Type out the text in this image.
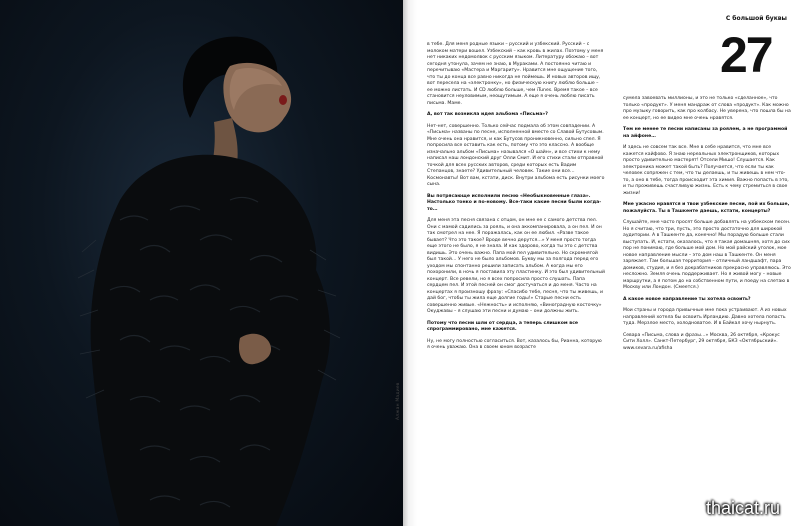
Алжан Мадиев
С большой буквы
27

в тебе. Для меня родные языки – русский и узбекский. Русский – с молоком матери вошел. Узбекский – как кровь в жилах. Поэтому у меня нет никаких недомолвок с русским языком. Литературу обожаю – вот сегодня утонула, зачем не знаю, в Мураками. А постоянно читаю и перечитываю «Мастера и Маргариту». Нравится мне ощущение того, что ты до конца все равно никогда не поймешь. И новых авторов ищу, вот пересела на «электронку», но физическую книгу люблю больше – ее можно листать. И CD люблю больше, чем iTunes. Время такое – все становится неуловимым, неощутимым. А еще я очень люблю писать письма. Маме.

А, вот так возникла идея альбома «Письма»?

Нет-нет, совершенно. Только сейчас подмала об этом совпадении. А «Письма» названы по песне, исполненной вместе со Славой Бутусовым. Мне очень она нравится, и как Бутусов проникновенно, сильно спел. Я попросила все оставить как есть, потому что это классно. А вообще изначально альбом «Письма» назывался «О шайн», и все стихи к нему написал наш лондонский друг Олли Смит. И его стихи стали отправной точкой для всех русских авторов, среди которых есть Вадим Степанцов, знаете? Удивительный человек. Такие они все… Космонавты! Вот вам, кстати, диск. Внутри альбома есть рисунки моего сына.

Вы потрясающе исполнили песню «Необыкновенные глаза». Настолько тонко и по-новому. Все-таки какие песни были когда-то…

Для меня эта песня связана с отцом, он мне ее с самого детства пел. Они с мамой садились за рояль, и она аккомпанировала, а он пел. И он так смотрел на нее. Я поражалась, как он ее любил. «Разве такое бывает? Что это такое? Вроде вечно дерутся…» У меня просто тогда еще этого не было, я не знала. И как здорово, когда ты это с детства видишь. Это очень важно. Папа мой пел удивительно. Но скромнягой был такой… У него не было альбомов. Букву мы за полгода перед его уходом мы спонтанно решили записать альбом. А когда мы его похоронили, в ночь я поставила эту пластинку. И это был удивительный концерт. Все ревели, но я всех попросила просто слушать. Папа сердцем пел. И этой песней он смог достучаться и до меня. Часто на концертах я произношу фразу: «Спасибо тебе, песня, что ты живешь, и дай бог, чтобы ты жила еще долгие годы!» Старые песни есть совершенно живые. «Нежность» и исполняю, «Виноградную косточку» Окуджавы – я слушаю эти песни и думаю – они должны жить.

Потому что песни шли от сердца, а теперь слишком все спрограммировано, мне кажется.

Ну, не могу полностью согласиться. Вот, казалось бы, Рианна, которую я очень уважаю. Она в своем юном возрасте

сумела завоевать миллионы, и это не только «сделанное», что только «продукт». У меня мандраж от слова «продукт». Как можно про музыку говорить, как про колбасу. Не уверена, что пошла бы на ее концерт, но ее видео мне очень нравятся.

Тем не менее те песни написаны за роялем, а не программой на айфоне…

И здесь не совсем так все. Мне в себе нравится, что мне все кажется кайфово. Я знаю нереальных электронщиков, которых просто удивительно мастерят! Отсели Мишо! Слушается. Как электроника может такой быть? Получается, что если ты как человек сопряжен с тем, что ты делаешь, и ты живешь в нем что-то, а оно в тебе, тогда происходит эта химия. Важно попасть в это, и ты проживешь счастливую жизнь. Есть к чему стремиться в свое жизни!

Мне ужасно нравятся и твои узбекские песни, пой их больше, пожалуйста. Ты в Ташкенте даешь, кстати, концерты?

Слушайте, мне часто просят больше добавлять на узбекском песен. Но я считаю, что три, пусть, это просто достаточно для широкой аудитории. А в Ташкенте да, конечно! Мы порадую больше стали выступать. И, кстати, оказалось, что я такая домашняя, хотя до сих пор не понимаю, где больше мой дом. Но мой райский уголок, мое новое направление мысли – это дом наш в Ташкенте. Он меня заряжает. Там большая территория – отличный ландшафт, пара домиков, студия, и я без докрабатников прекрасно управляюсь. Это несложно. Земля очень поддерживает. Но я живой могу – новые маршрутки, а я потом до на собственном пути, и поеду на слетаю в Москву или Лондон. (Смеется.)

А какое новое направление ты хотела освоить?

Мои страны и города привычные мне пока устраивают. А из новых направлений хотела бы освоить Ирландию. Давно хотела попасть туда. Мерзлое место, холодноватое. И в Байкал хочу нырнуть.

Севара «Письма, слова и фразы…» Москва, 26 октября, «Крокус Сити Холл». Санкт-Петербург, 29 октября, БКЗ «Октябрьский». www.sevara.ru/afisha

thaicat.ru
